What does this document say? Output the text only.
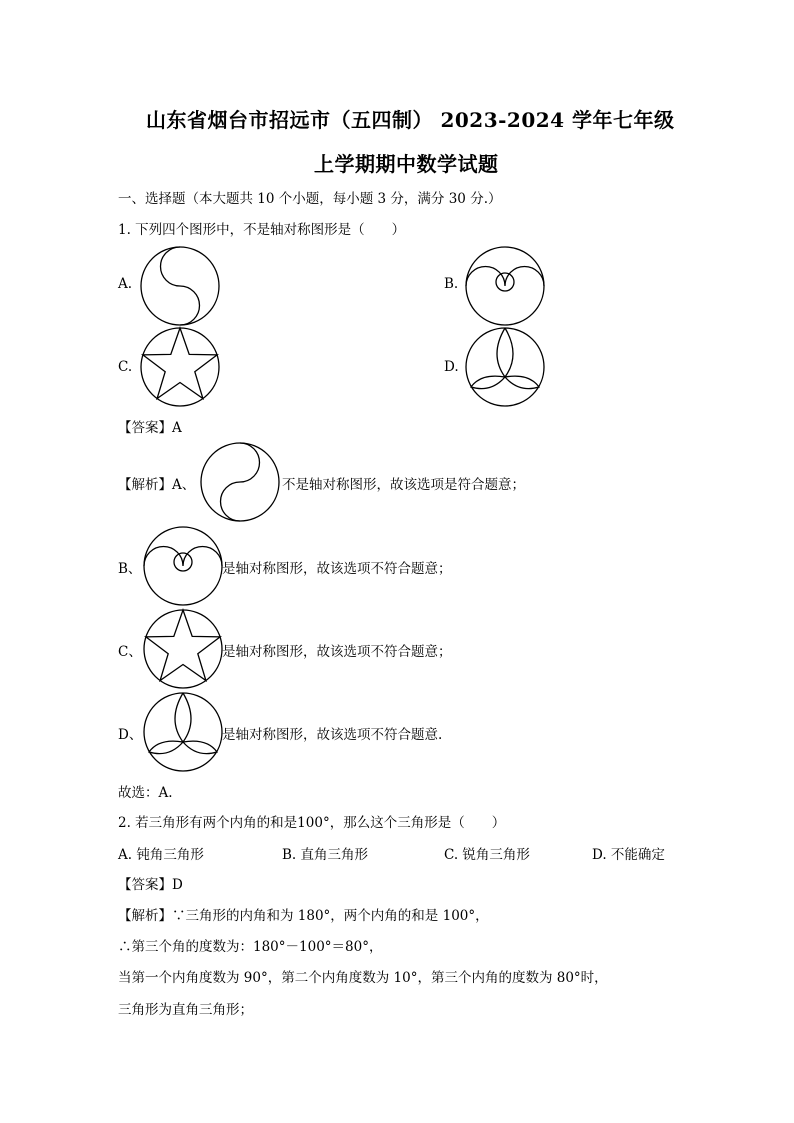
山东省烟台市招远市（五四制） 2023-2024 学年七年级
上学期期中数学试题
一、选择题（本大题共 10 个小题，每小题 3 分，满分 30 分.）
1. 下列四个图形中，不是轴对称图形是（　　）
A.	B.
C.	D.
【答案】A
【解析】A、	不是轴对称图形，故该选项是符合题意；
B、	是轴对称图形，故该选项不符合题意；
C、	是轴对称图形，故该选项不符合题意；
D、	是轴对称图形，故该选项不符合题意.
故选：A.
2. 若三角形有两个内角的和是100°，那么这个三角形是（　　）
A. 钝角三角形	B. 直角三角形	C. 锐角三角形	D. 不能确定
【答案】D
【解析】∵三角形的内角和为 180°，两个内角的和是 100°，
∴第三个角的度数为：180°－100°＝80°，
当第一个内角度数为 90°，第二个内角度数为 10°，第三个内角的度数为 80°时，
三角形为直角三角形；
